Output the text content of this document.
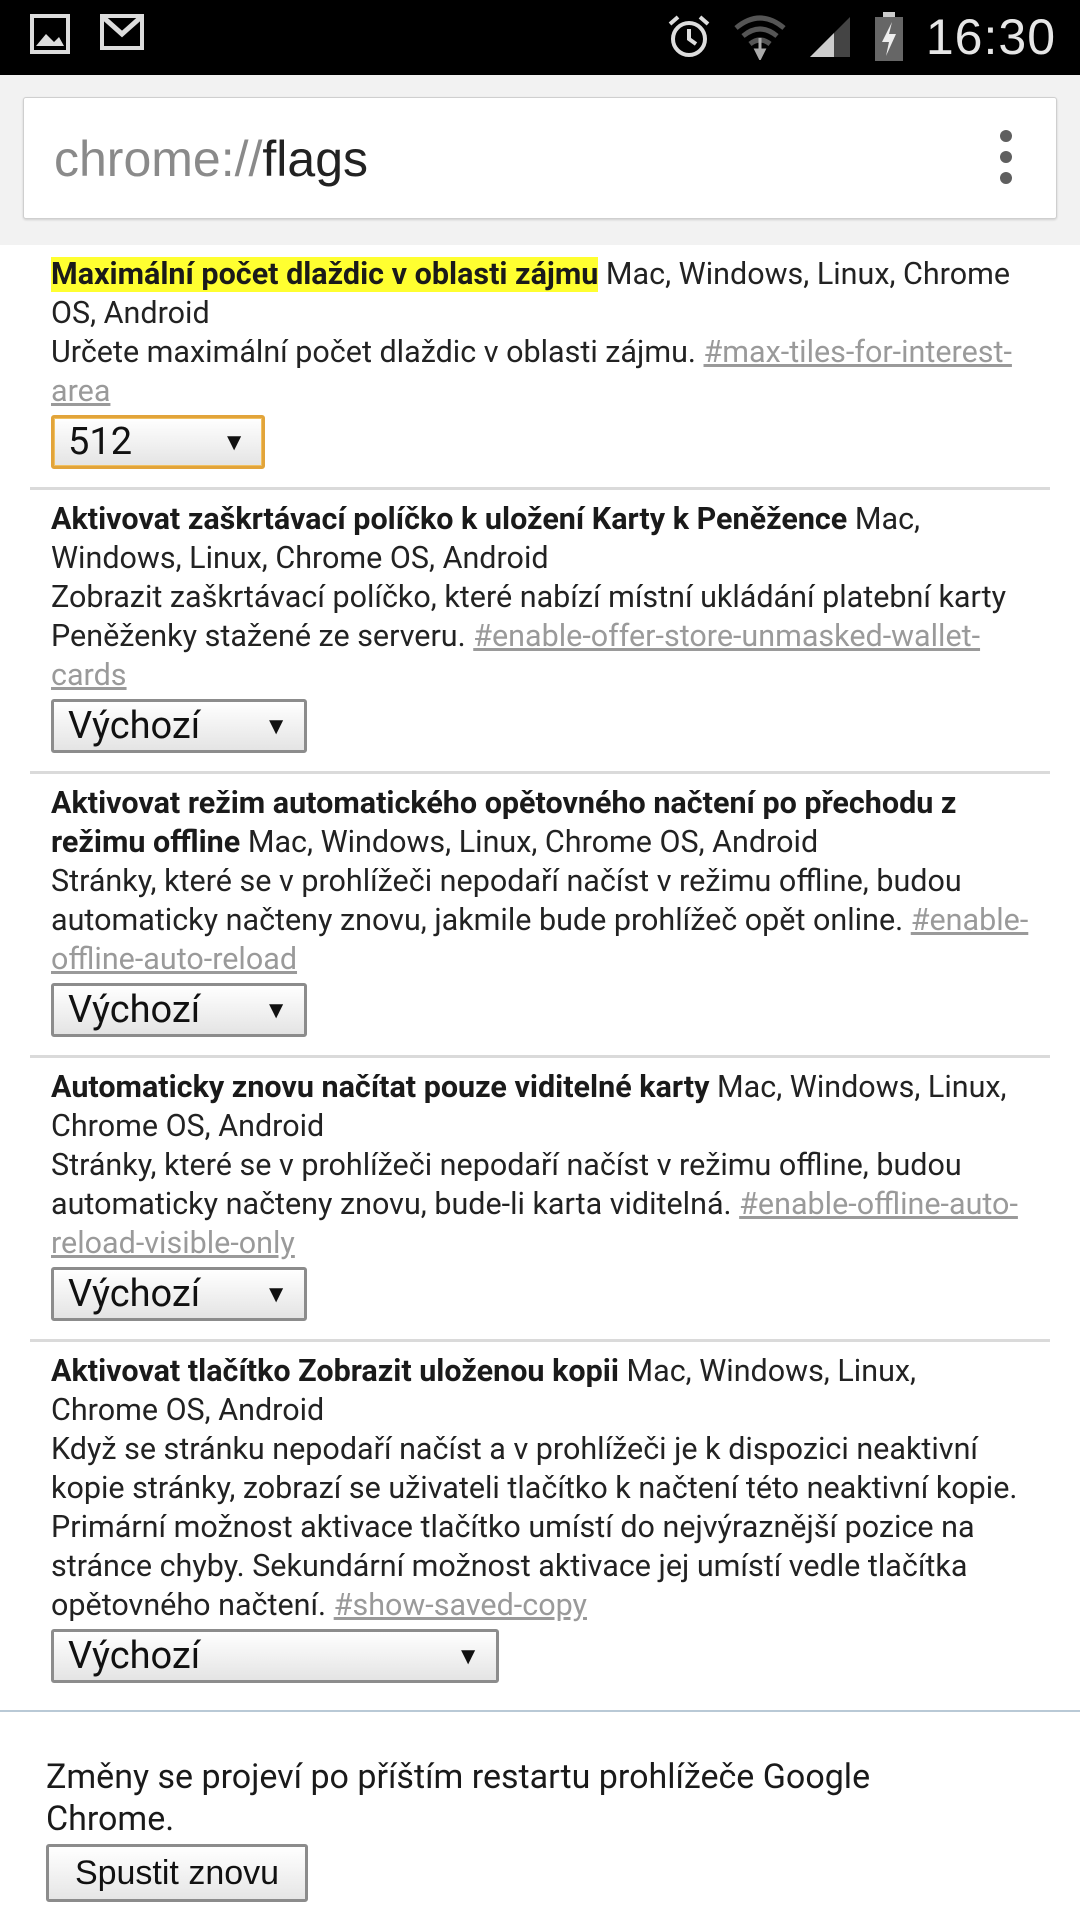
16:30
chrome://flags
Maximální počet dlaždic v oblasti zájmu Mac, Windows, Linux, Chrome OS, Android
Určete maximální počet dlaždic v oblasti zájmu. #max-tiles-for-interest-area
512	▼
Aktivovat zaškrtávací políčko k uložení Karty k Peněžence Mac, Windows, Linux, Chrome OS, Android
Zobrazit zaškrtávací políčko, které nabízí místní ukládání platební karty Peněženky stažené ze serveru. #enable-offer-store-unmasked-wallet-cards
Výchozí	▼
Aktivovat režim automatického opětovného načtení po přechodu z režimu offline Mac, Windows, Linux, Chrome OS, Android
Stránky, které se v prohlížeči nepodaří načíst v režimu offline, budou automaticky načteny znovu, jakmile bude prohlížeč opět online. #enable-offline-auto-reload
Výchozí	▼
Automaticky znovu načítat pouze viditelné karty Mac, Windows, Linux, Chrome OS, Android
Stránky, které se v prohlížeči nepodaří načíst v režimu offline, budou automaticky načteny znovu, bude-li karta viditelná. #enable-offline-auto-reload-visible-only
Výchozí	▼
Aktivovat tlačítko Zobrazit uloženou kopii Mac, Windows, Linux, Chrome OS, Android
Když se stránku nepodaří načíst a v prohlížeči je k dispozici neaktivní kopie stránky, zobrazí se uživateli tlačítko k načtení této neaktivní kopie. Primární možnost aktivace tlačítko umístí do nejvýraznější pozice na stránce chyby. Sekundární možnost aktivace jej umístí vedle tlačítka opětovného načtení. #show-saved-copy
Výchozí	▼
Změny se projeví po příštím restartu prohlížeče Google Chrome.
Spustit znovu
